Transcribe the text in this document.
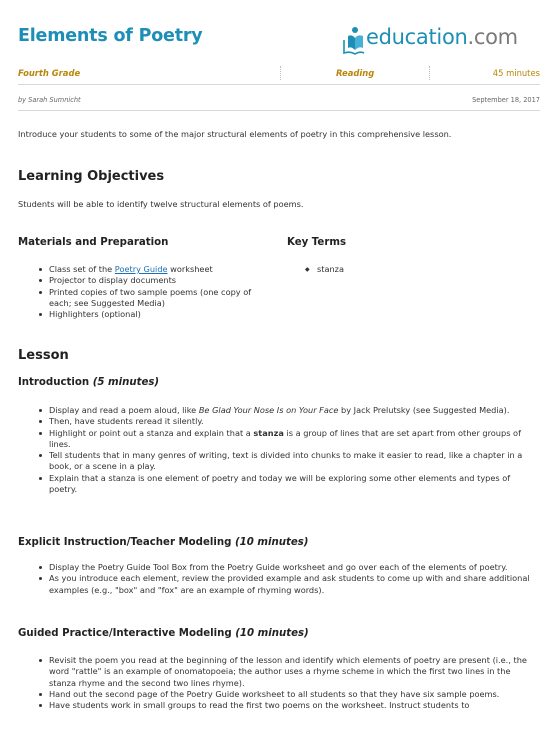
Elements of Poetry	education.com
Fourth Grade	Reading	45 minutes
by Sarah Sumnicht	September 18, 2017

Introduce your students to some of the major structural elements of poetry in this comprehensive lesson.

Learning Objectives

Students will be able to identify twelve structural elements of poems.

Materials and Preparation	Key Terms
Class set of the Poetry Guide worksheet
Projector to display documents
Printed copies of two sample poems (one copy of each; see Suggested Media)
Highlighters (optional)
◆ stanza
Lesson
Introduction (5 minutes)
Display and read a poem aloud, like Be Glad Your Nose Is on Your Face by Jack Prelutsky (see Suggested Media).
Then, have students reread it silently.
Highlight or point out a stanza and explain that a stanza is a group of lines that are set apart from other groups of lines.
Tell students that in many genres of writing, text is divided into chunks to make it easier to read, like a chapter in a book, or a scene in a play.
Explain that a stanza is one element of poetry and today we will be exploring some other elements and types of poetry.
Explicit Instruction/Teacher Modeling (10 minutes)
Display the Poetry Guide Tool Box from the Poetry Guide worksheet and go over each of the elements of poetry.
As you introduce each element, review the provided example and ask students to come up with and share additional examples (e.g., "box" and "fox" are an example of rhyming words).
Guided Practice/Interactive Modeling (10 minutes)
Revisit the poem you read at the beginning of the lesson and identify which elements of poetry are present (i.e., the word "rattle" is an example of onomatopoeia; the author uses a rhyme scheme in which the first two lines in the stanza rhyme and the second two lines rhyme).
Hand out the second page of the Poetry Guide worksheet to all students so that they have six sample poems.
Have students work in small groups to read the first two poems on the worksheet. Instruct students to
